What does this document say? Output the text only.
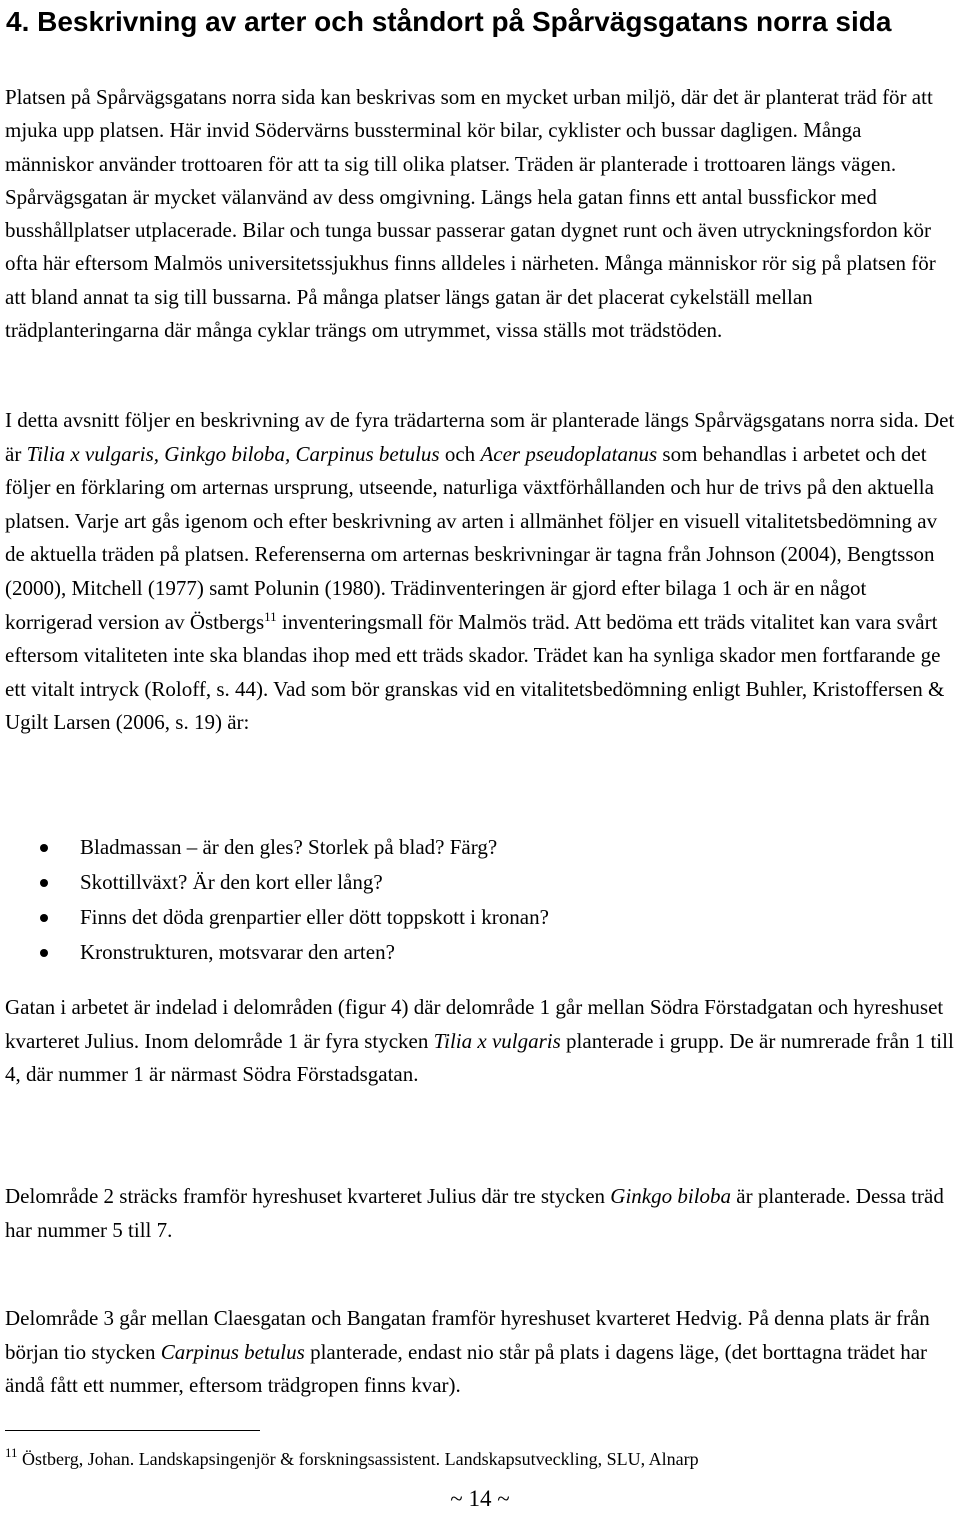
4. Beskrivning av arter och ståndort på Spårvägsgatans norra sida

Platsen på Spårvägsgatans norra sida kan beskrivas som en mycket urban miljö, där det är planterat träd för att mjuka upp platsen. Här invid Södervärns bussterminal kör bilar, cyklister och bussar dagligen. Många människor använder trottoaren för att ta sig till olika platser. Träden är planterade i trottoaren längs vägen. Spårvägsgatan är mycket välanvänd av dess omgivning. Längs hela gatan finns ett antal bussfickor med busshållplatser utplacerade. Bilar och tunga bussar passerar gatan dygnet runt och även utryckningsfordon kör ofta här eftersom Malmös universitetssjukhus finns alldeles i närheten. Många människor rör sig på platsen för att bland annat ta sig till bussarna. På många platser längs gatan är det placerat cykelställ mellan trädplanteringarna där många cyklar trängs om utrymmet, vissa ställs mot trädstöden.

I detta avsnitt följer en beskrivning av de fyra trädarterna som är planterade längs Spårvägsgatans norra sida. Det är Tilia x vulgaris, Ginkgo biloba, Carpinus betulus och Acer pseudoplatanus som behandlas i arbetet och det följer en förklaring om arternas ursprung, utseende, naturliga växtförhållanden och hur de trivs på den aktuella platsen. Varje art gås igenom och efter beskrivning av arten i allmänhet följer en visuell vitalitetsbedömning av de aktuella träden på platsen. Referenserna om arternas beskrivningar är tagna från Johnson (2004), Bengtsson (2000), Mitchell (1977) samt Polunin (1980). Trädinventeringen är gjord efter bilaga 1 och är en något korrigerad version av Östbergs$^{11}$ inventeringsmall för Malmös träd. Att bedöma ett träds vitalitet kan vara svårt eftersom vitaliteten inte ska blandas ihop med ett träds skador. Trädet kan ha synliga skador men fortfarande ge ett vitalt intryck (Roloff, s. 44). Vad som bör granskas vid en vitalitetsbedömning enligt Buhler, Kristoffersen & Ugilt Larsen (2006, s. 19) är:

Bladmassan – är den gles? Storlek på blad? Färg?
Skottillväxt? Är den kort eller lång?
Finns det döda grenpartier eller dött toppskott i kronan?
Kronstrukturen, motsvarar den arten?

Gatan i arbetet är indelad i delområden (figur 4) där delområde 1 går mellan Södra Förstadgatan och hyreshuset kvarteret Julius. Inom delområde 1 är fyra stycken Tilia x vulgaris planterade i grupp. De är numrerade från 1 till 4, där nummer 1 är närmast Södra Förstadsgatan.

Delområde 2 sträcks framför hyreshuset kvarteret Julius där tre stycken Ginkgo biloba är planterade. Dessa träd har nummer 5 till 7.

Delområde 3 går mellan Claesgatan och Bangatan framför hyreshuset kvarteret Hedvig. På denna plats är från början tio stycken Carpinus betulus planterade, endast nio står på plats i dagens läge, (det borttagna trädet har ändå fått ett nummer, eftersom trädgropen finns kvar).

$^{11}$ Östberg, Johan. Landskapsingenjör & forskningsassistent. Landskapsutveckling, SLU, Alnarp

~ 14 ~
